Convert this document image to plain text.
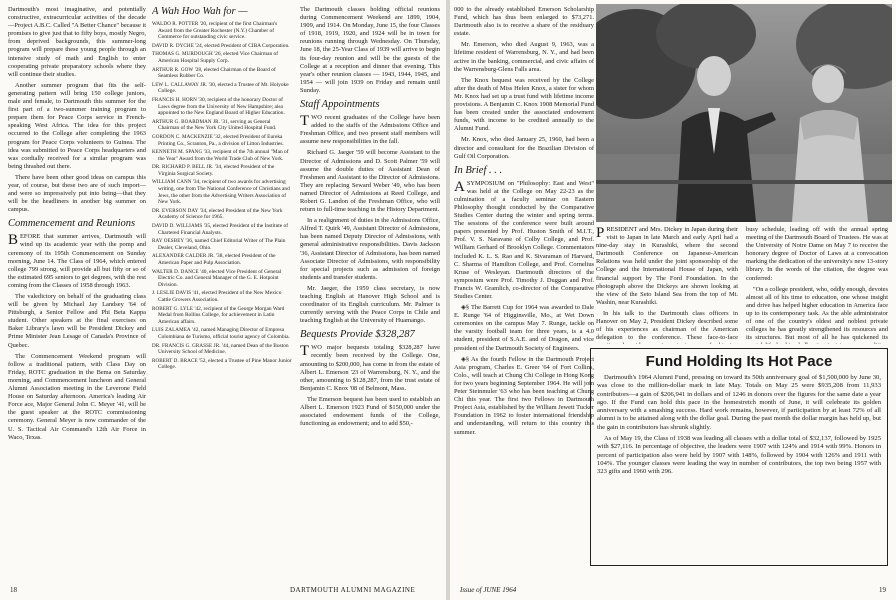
Dartmouth's most imaginative, and potentially constructive, extracurricular activities of the decade—Project A.B.C. Called "A Better Chance" because it promises to give just that to fifty boys, mostly Negro, from deprived backgrounds, this summer-long program will prepare these young people through an intensive study of math and English to enter cooperating private preparatory schools where they will continue their studies.

Another summer program that fits the self-generating pattern will bring 150 college juniors, male and female, to Dartmouth this summer for the first part of a two-summer training program to prepare them for Peace Corps service in French-speaking West Africa. The idea for this project occurred to the College after completing the 1963 program for Peace Corps volunteers to Guinea. The idea was submitted to Peace Corps headquarters and was cordially received for a similar program was being thrashed out there.

There have been other good ideas on campus this year, of course, but these two are of such import—and were so impressively put into being—that they will be the headliners in another big summer on campus.

Commencement and Reunions

BEFORE that summer arrives, Dartmouth will wind up its academic year with the pomp and ceremony of its 195th Commencement on Sunday morning, June 14. The Class of 1964, which entered college 799 strong, will provide all but fifty or so of the estimated 695 seniors to get degrees, with the rest coming from the Classes of 1958 through 1963.

The valedictory on behalf of the graduating class will be given by Michael Jay Landsey '64 of Pittsburgh, a Senior Fellow and Phi Beta Kappa student. Other speakers at the final exercises on Baker Library's lawn will be President Dickey and Prime Minister Jean Lesage of Canada's Province of Quebec.

The Commencement Weekend program will follow a traditional pattern, with Class Day on Friday, ROTC graduation in the Bema on Saturday morning, and Commencement luncheon and General Alumni Association meeting in the Leverone Field House on Saturday afternoon. America's leading Air Force ace, Major General John C. Meyer '41, will be the guest speaker at the ROTC commissioning ceremony. General Meyer is now commander of the U. S. Tactical Air Command's 12th Air Force in Waco, Texas.

A Wah Hoo Wah for —
WALDO R. POTTER '20, recipient of the first Chairman's Award from the Greater Rochester (N.Y.) Chamber of Commerce for outstanding civic service.
DAVID R. DYCHE '24, elected President of CIBA Corporation.
THOMAS G. MURDOUGH '26, elected Vice Chairman of American Hospital Supply Corp.
ARTHUR R. GOW '28, elected Chairman of the Board of Seamless Rubber Co.
LEW L. CALLAWAY JR. '30, elected a Trustee of Mt. Holyoke College.
FRANCIS H. HORN '30, recipient of the honorary Doctor of Laws degree from the University of New Hampshire; also appointed to the New England Board of Higher Education.
ARTHUR G. BOARDMAN JR. '31, serving as General Chairman of the New York City United Hospital Fund.
GORDON C. MACKENZIE '32, elected President of Eureka Printing Co., Scranton, Pa., a division of Litton Industries.
KENNETH M. SPANG '33, recipient of the 7th annual "Man of the Year" Award from the World Trade Club of New York.
DR. RICHARD P. BELL JR. '34, elected President of the Virginia Surgical Society.
WILLIAM CANN '34, recipient of two awards for advertising writing, one from The National Conference of Christians and Jews, the other from the Advertising Writers Association of New York.
DR. EVERSON DAY '34, elected President of the New York Academy of Science for 1965.
DAVID D. WILLIAMS '35, elected President of the Institute of Chartered Financial Analysts.
RAY OESBEY '36, named Chief Editorial Writer of The Plain Dealer, Cleveland, Ohio.
ALEXANDER CALDER JR. '38, elected President of the American Paper and Pulp Association.
WALTER D. DANCE '40, elected Vice President of General Electric Co. and General Manager of the G. E. Hotpoint Division.
J. LESLIE DAVIS '41, elected President of the New Mexico Cattle Growers Association.
ROBERT G. LYLE '42, recipient of the George Morgan Ward Medal from Rollins College, for achievement in Latin American affairs.
LUIS ZALAMEA '42, named Managing Director of Empresa Colombiana de Turismo, official tourist agency of Colombia.
DR. FRANCIS G. GRASSE JR. '44, named Dean of the Boston University School of Medicine.
ROBERT D. BRACE '52, elected a Trustee of Pine Manor Junior College.

The Dartmouth classes holding official reunions during Commencement Weekend are 1899, 1904, 1909, and 1914. On Monday, June 15, the four Classes of 1918, 1919, 1920, and 1924 will be in town for reunions running through Wednesday. On Thursday, June 18, the 25-Year Class of 1939 will arrive to begin its four-day reunion and will be the guests of the College at a reception and dinner that evening. This year's other reunion classes — 1943, 1944, 1945, and 1954 — will join 1939 on Friday and remain until Sunday.

Staff Appointments

TWO recent graduates of the College have been added to the staffs of the Admissions Office and Freshman Office, and two present staff members will assume new responsibilities in the fall.

Richard G. Jaeger '59 will become Assistant to the Director of Admissions and D. Scott Palmer '59 will assume the double duties of Assistant Dean of Freshmen and Assistant to the Director of Admissions. They are replacing Seward Weber '49, who has been named Director of Admissions at Reed College, and Robert G. Landon of the Freshman Office, who will return to full-time teaching in the History Department.

In a realignment of duties in the Admissions Office, Alfred T. Quirk '49, Assistant Director of Admissions, has been named Deputy Director of Admissions, with general administrative responsibilities. Davis Jackson '36, Assistant Director of Admissions, has been named Associate Director of Admissions, with responsibility for special projects such as admission of foreign students and transfer students.

Mr. Jaeger, the 1959 class secretary, is now teaching English at Hanover High School and is coordinator of its English curriculum. Mr. Palmer is currently serving with the Peace Corps in Chile and teaching English at the University of Huamango.

Bequests Provide $328,287

TWO major bequests totaling $328,287 have recently been received by the College. One, amounting to $200,000, has come in from the estate of Albert L. Emerson '23 of Warrensburg, N. Y., and the other, amounting to $128,287, from the trust estate of Benjamin C. Knox '08 of Belmont, Mass.

The Emerson bequest has been used to establish an Albert L. Emerson 1923 Fund of $150,000 under the associated endowment funds of the College, functioning as endowment; and to add $50,-

18	DARTMOUTH ALUMNI MAGAZINE

000 to the already established Emerson Scholarship Fund, which has thus been enlarged to $73,271. Dartmouth also is to receive a share of the residuary estate.

Mr. Emerson, who died August 9, 1963, was a lifetime resident of Warrensburg, N. Y., and had been active in the banking, commercial, and civic affairs of the Warrensburg-Glens Falls area.

The Knox bequest was received by the College after the death of Miss Helen Knox, a sister for whom Mr. Knox had set up a trust fund with lifetime income provisions. A Benjamin C. Knox 1908 Memorial Fund has been created under the associated endowment funds, with income to be credited annually to the Alumni Fund.

Mr. Knox, who died January 25, 1960, had been a director and consultant for the Brazilian Division of Gulf Oil Corporation.

In Brief . . .

ASYMPOSIUM on "Philosophy: East and West" was held at the College on May 22-23 as the culmination of a faculty seminar on Eastern Philosophy thought conducted by the Comparative Studies Center during the winter and spring terms. The sessions of the conference were built around papers presented by Prof. Huston Smith of M.I.T., Prof. V. S. Naravane of Colby College, and Prof. William Gerhard of Brooklyn College. Commentators included K. L. S. Rao and K. Sivaraman of Harvard, C. Sharma of Hamilton College, and Prof. Cornelius Kruse of Wesleyan. Dartmouth directors of the symposium were Prof. Timothy J. Duggan and Prof. Francis W. Gramlich, co-director of the Comparative Studies Center.

◈§ The Barrett Cup for 1964 was awarded to Dale E. Runge '64 of Higginsville, Mo., at Wet Down ceremonies on the campus May 7. Runge, tackle on the varsity football team for three years, is a 4.0 student, president of S.A.E. and of Dragon, and vice president of the Dartmouth Society of Engineers.

◈§ As the fourth Fellow in the Dartmouth Project Asia program, Charles E. Greer '64 of Fort Collins, Colo., will teach at Chung Chi College in Hong Kong for two years beginning September 1964. He will join Peter Steinmuler '63 who has been teaching at Chung Chi this year. The first two Fellows in Dartmouth Project Asia, established by the William Jewett Tucker Foundation in 1962 to foster international friendship and understanding, will return to this country this summer.

PRESIDENT and Mrs. Dickey in Japan during their visit to Japan in late March and early April had a nine-day stay in Kurashiki, where the second Dartmouth Conference on Japanese-American Relations was held under the joint sponsorship of the College and the International House of Japan, with financial support by The Ford Foundation. In the photograph above the Dickeys are shown looking at the view of the Seto Island Sea from the top of Mt. Washin, near Kurashiki.

In his talk to the Dartmouth class officers in Hanover on May 2, President Dickey described some of his experiences as chairman of the American delegation to the conference. These face-to-face

busy schedule, leading off with the annual spring meeting of the Dartmouth Board of Trustees. He was at the University of Notre Dame on May 7 to receive the honorary degree of Doctor of Laws at a convocation marking the dedication of the university's new 13-story library. In the words of the citation, the degree was conferred:

"On a college president, who, oddly enough, devotes almost all of his time to education, one whose insight and drive has helped higher education in America face up to its contemporary task. As the able administrator of one of the country's oldest and noblest private colleges he has greatly strengthened its resources and its structures. But most of all he has quickened its

Issue of JUNE 1964	19
Fund Holding Its Hot Pace

Dartmouth's 1964 Alumni Fund, pressing on toward its 50th anniversary goal of $1,500,000 by June 30, was close to the million-dollar mark in late May. Totals on May 25 were $935,208 from 11,933 contributors—a gain of $206,941 in dollars and of 1246 in donors over the figures for the same date a year ago. If the Fund can hold this pace in the homestretch month of June, it will celebrate its golden anniversary with a smashing success. Hard work remains, however, if participation by at least 72% of all alumni is to be attained along with the dollar goal. During the past month the dollar margin has held up, but the gain in contributors has shrunk slightly.

As of May 19, the Class of 1938 was leading all classes with a dollar total of $32,137, followed by 1925 with $27,116. In percentage of objective, the leaders were 1907 with 124% and 1914 with 99%. Honors in percent of participation also were held by 1907 with 148%, followed by 1904 with 126% and 1911 with 104%. The younger classes were leading the way in number of contributors, the top two being 1957 with 323 gifts and 1960 with 296.
